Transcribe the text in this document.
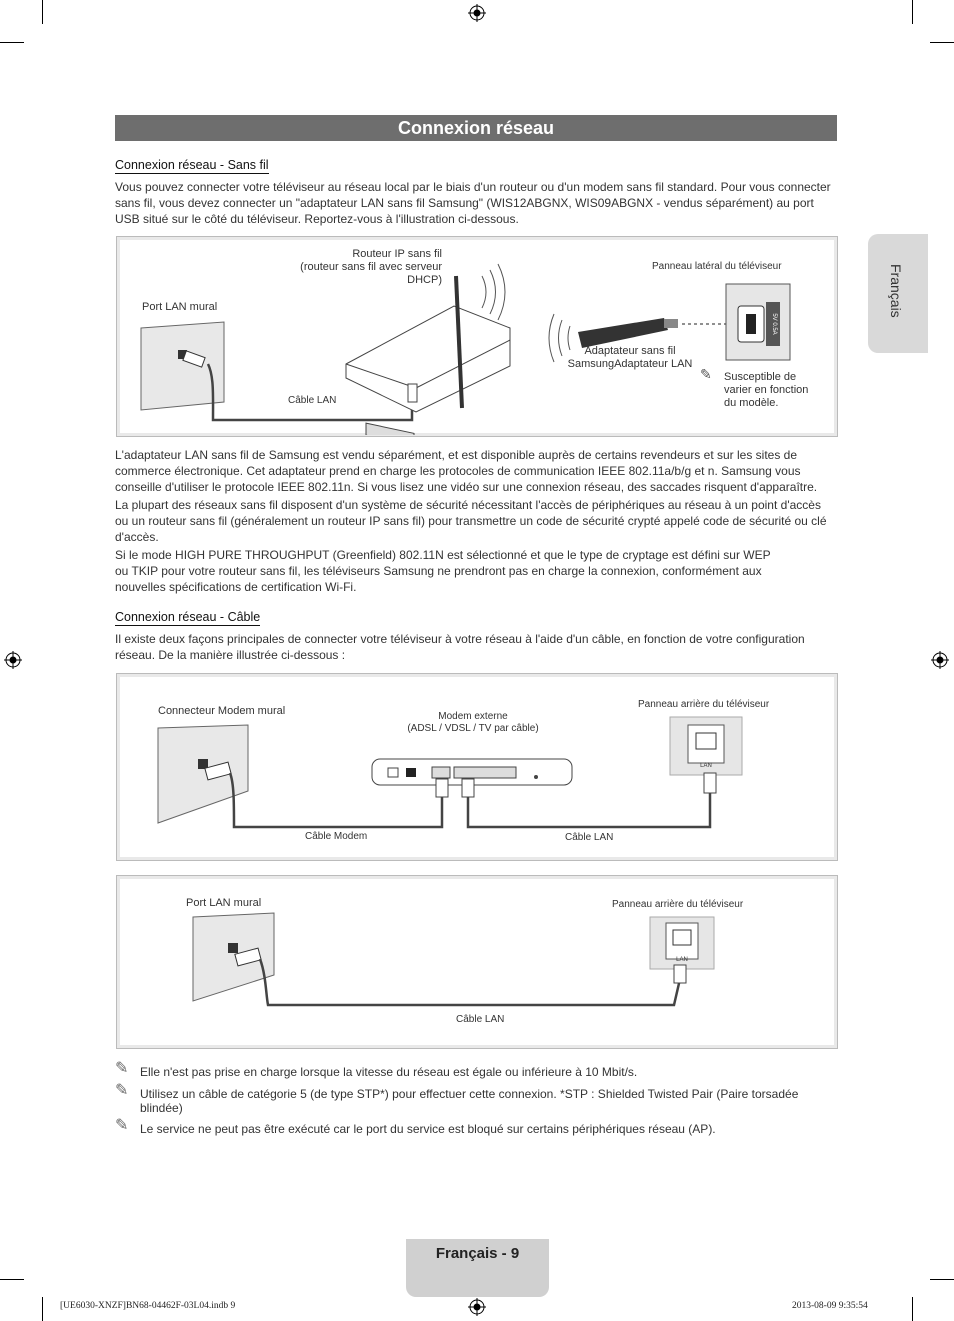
Connexion réseau
Français
Connexion réseau - Sans fil
Vous pouvez connecter votre téléviseur au réseau local par le biais d'un routeur ou d'un modem sans fil standard. Pour vous connecter
sans fil, vous devez connecter un "adaptateur LAN sans fil Samsung" (WIS12ABGNX, WIS09ABGNX - vendus séparément) au port
USB situé sur le côté du téléviseur. Reportez-vous à l'illustration ci-dessous.
5V 0.5A
Routeur IP sans fil
(routeur sans fil avec serveur
DHCP)
Port LAN mural
Câble LAN
Panneau latéral du téléviseur
Adaptateur sans fil
SamsungAdaptateur LAN
✎ Susceptible de
varier en fonction
du modèle.
L'adaptateur LAN sans fil de Samsung est vendu séparément, et est disponible auprès de certains revendeurs et sur les sites de
commerce électronique. Cet adaptateur prend en charge les protocoles de communication IEEE 802.11a/b/g et n. Samsung vous
conseille d'utiliser le protocole IEEE 802.11n. Si vous lisez une vidéo sur une connexion réseau, des saccades risquent d'apparaître.
La plupart des réseaux sans fil disposent d'un système de sécurité nécessitant l'accès de périphériques au réseau à un point d'accès
ou un routeur sans fil (généralement un routeur IP sans fil) pour transmettre un code de sécurité crypté appelé code de sécurité ou clé
d'accès.
Si le mode HIGH PURE THROUGHPUT (Greenfield) 802.11N est sélectionné et que le type de cryptage est défini sur WEP
ou TKIP pour votre routeur sans fil, les téléviseurs Samsung ne prendront pas en charge la connexion, conformément aux
nouvelles spécifications de certification Wi-Fi.
Connexion réseau - Câble
Il existe deux façons principales de connecter votre téléviseur à votre réseau à l'aide d'un câble, en fonction de votre configuration
réseau. De la manière illustrée ci-dessous :
LAN
Connecteur Modem mural	Modem externe
(ADSL / VDSL / TV par câble)
Panneau arrière du téléviseur
Câble Modem	Câble LAN
LAN
Port LAN mural	Panneau arrière du téléviseur
Câble LAN
✎ Elle n'est pas prise en charge lorsque la vitesse du réseau est égale ou inférieure à 10 Mbit/s.
✎ Utilisez un câble de catégorie 5 (de type STP*) pour effectuer cette connexion. *STP : Shielded Twisted Pair (Paire torsadée
blindée)
✎ Le service ne peut pas être exécuté car le port du service est bloqué sur certains périphériques réseau (AP).
Français - 9
[UE6030-XNZF]BN68-04462F-03L04.indb 9	2013-08-09 9:35:54
